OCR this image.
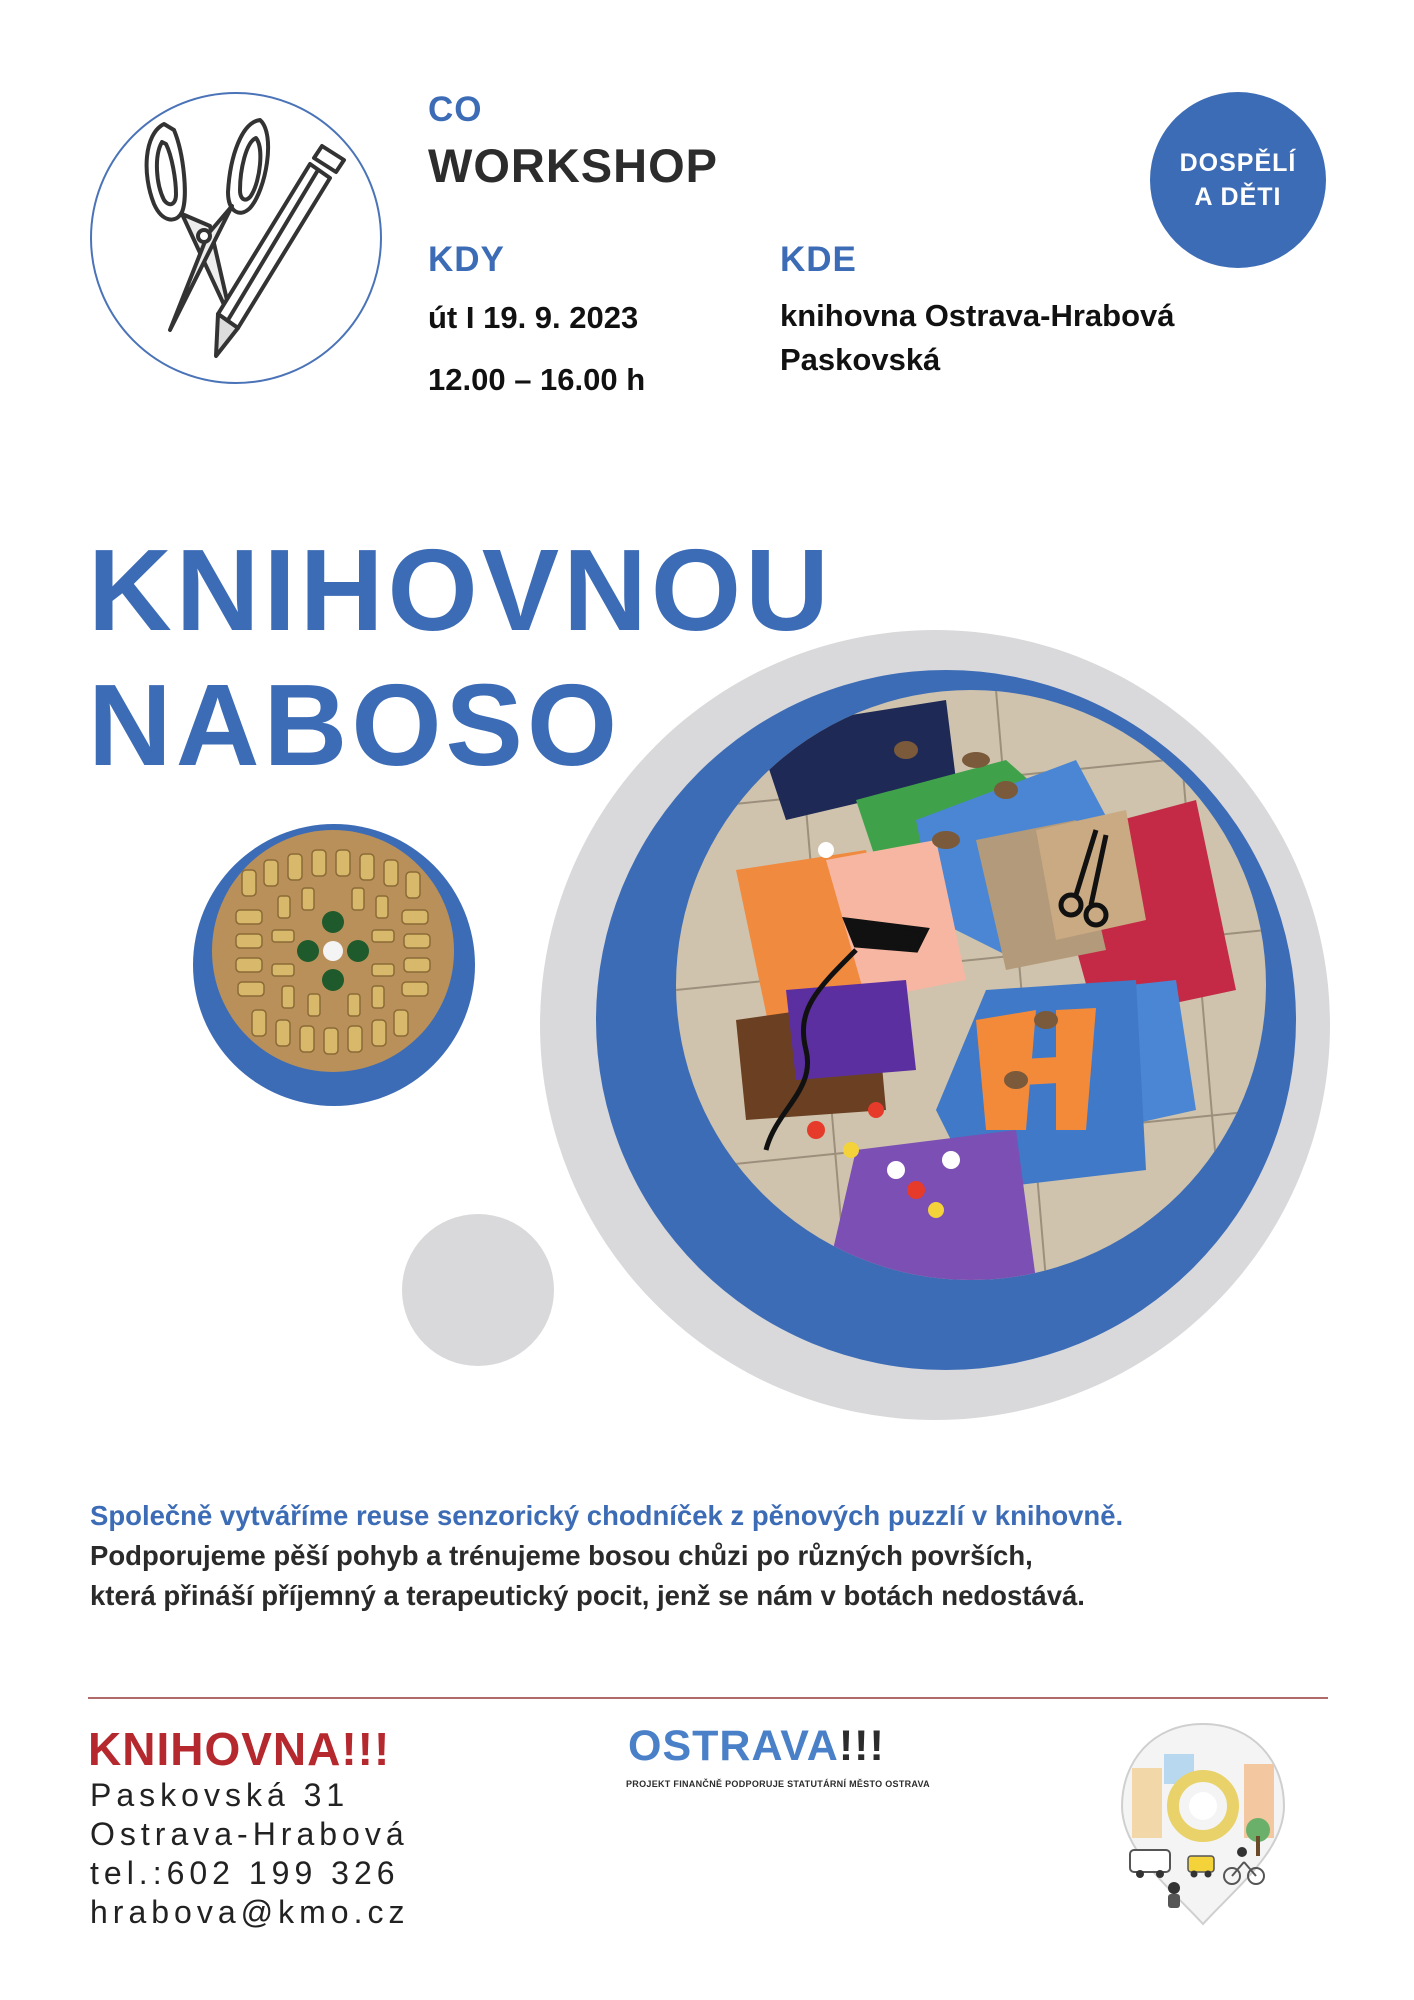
CO
WORKSHOP
KDY
út I 19. 9. 2023
12.00 – 16.00 h
KDE
knihovna Ostrava-Hrabová
Paskovská
DOSPĚLÍ
A DĚTI
KNIHOVNOU
NABOSO
Společně vytváříme reuse senzorický chodníček z pěnových puzzlí v knihovně.
Podporujeme pěší pohyb a trénujeme bosou chůzi po různých površích,
která přináší příjemný a terapeutický pocit, jenž se nám v botách nedostává.
KNIHOVNA!!!
Paskovská 31
Ostrava-Hrabová
tel.:602 199 326
hrabova@kmo.cz
OSTRAVA!!!
PROJEKT FINANČNĚ PODPORUJE STATUTÁRNÍ MĚSTO OSTRAVA
